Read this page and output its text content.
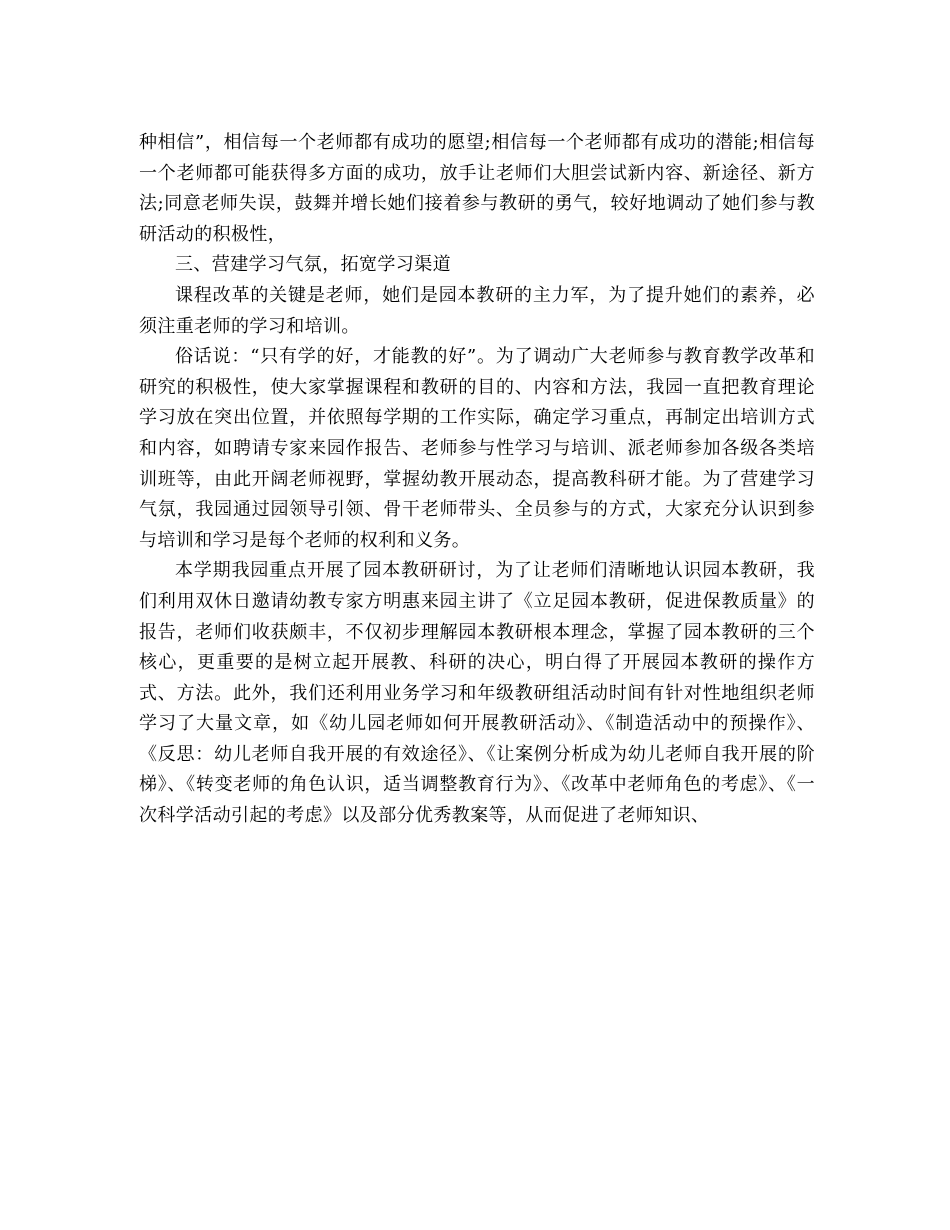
种相信”，相信每一个老师都有成功的愿望;相信每一个老师都有成功的潜能;相信每一个老师都可能获得多方面的成功，放手让老师们大胆尝试新内容、新途径、新方法;同意老师失误，鼓舞并增长她们接着参与教研的勇气，较好地调动了她们参与教研活动的积极性，

三、营建学习气氛，拓宽学习渠道

课程改革的关键是老师，她们是园本教研的主力军，为了提升她们的素养，必须注重老师的学习和培训。

俗话说：“只有学的好，才能教的好”。为了调动广大老师参与教育教学改革和研究的积极性，使大家掌握课程和教研的目的、内容和方法，我园一直把教育理论学习放在突出位置，并依照每学期的工作实际，确定学习重点，再制定出培训方式和内容，如聘请专家来园作报告、老师参与性学习与培训、派老师参加各级各类培训班等，由此开阔老师视野，掌握幼教开展动态，提高教科研才能。为了营建学习气氛，我园通过园领导引领、骨干老师带头、全员参与的方式，大家充分认识到参与培训和学习是每个老师的权利和义务。

本学期我园重点开展了园本教研研讨，为了让老师们清晰地认识园本教研，我们利用双休日邀请幼教专家方明惠来园主讲了《立足园本教研，促进保教质量》的报告，老师们收获颇丰，不仅初步理解园本教研根本理念，掌握了园本教研的三个核心，更重要的是树立起开展教、科研的决心，明白得了开展园本教研的操作方式、方法。此外，我们还利用业务学习和年级教研组活动时间有针对性地组织老师学习了大量文章，如《幼儿园老师如何开展教研活动》、《制造活动中的预操作》、《反思：幼儿老师自我开展的有效途径》、《让案例分析成为幼儿老师自我开展的阶梯》、《转变老师的角色认识，适当调整教育行为》、《改革中老师角色的考虑》、《一次科学活动引起的考虑》以及部分优秀教案等，从而促进了老师知识、
